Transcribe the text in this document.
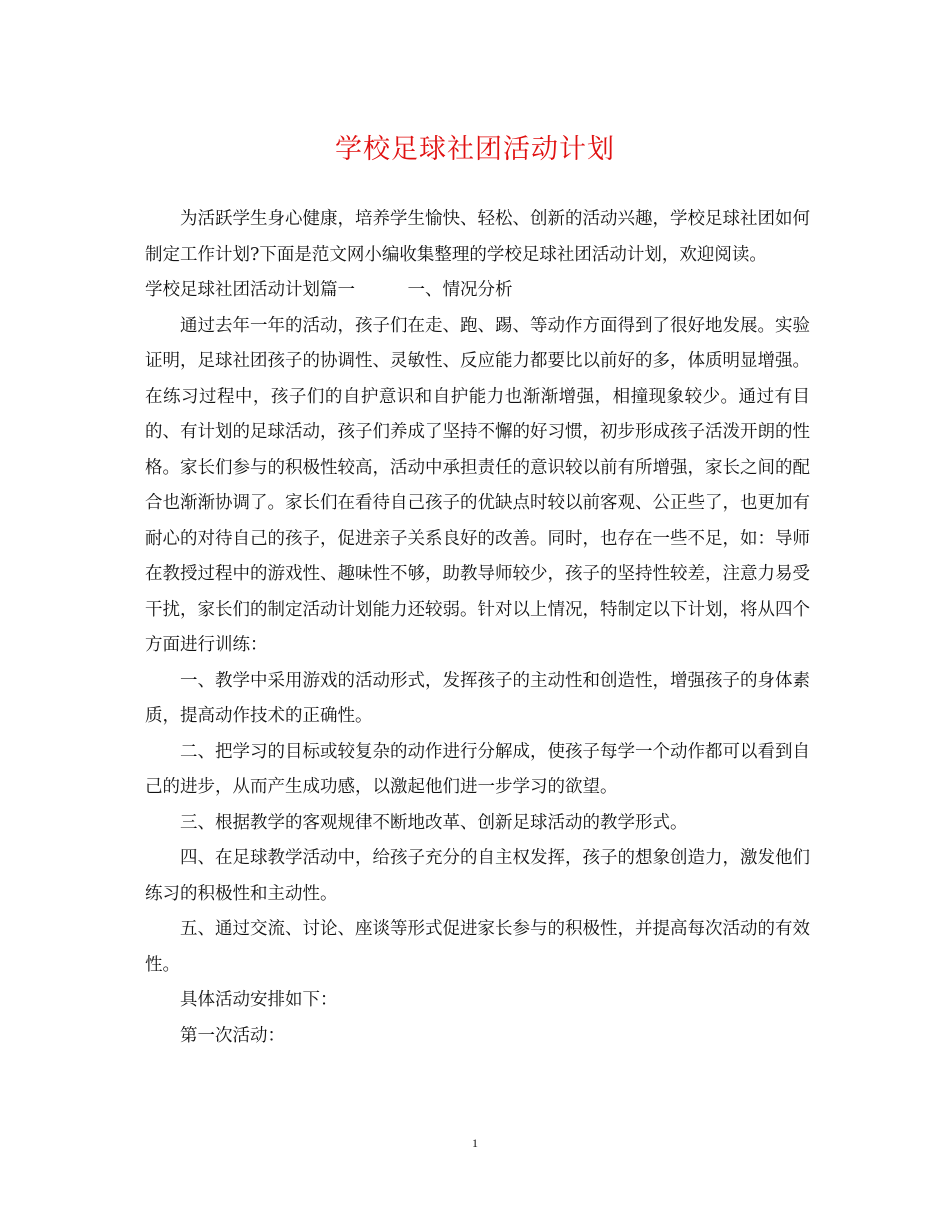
学校足球社团活动计划

为活跃学生身心健康，培养学生愉快、轻松、创新的活动兴趣，学校足球社团如何制定工作计划?下面是范文网小编收集整理的学校足球社团活动计划，欢迎阅读。

学校足球社团活动计划篇一　　　一、情况分析

通过去年一年的活动，孩子们在走、跑、踢、等动作方面得到了很好地发展。实验证明，足球社团孩子的协调性、灵敏性、反应能力都要比以前好的多，体质明显增强。在练习过程中，孩子们的自护意识和自护能力也渐渐增强，相撞现象较少。通过有目的、有计划的足球活动，孩子们养成了坚持不懈的好习惯，初步形成孩子活泼开朗的性格。家长们参与的积极性较高，活动中承担责任的意识较以前有所增强，家长之间的配合也渐渐协调了。家长们在看待自己孩子的优缺点时较以前客观、公正些了，也更加有耐心的对待自己的孩子，促进亲子关系良好的改善。同时，也存在一些不足，如：导师在教授过程中的游戏性、趣味性不够，助教导师较少，孩子的坚持性较差，注意力易受干扰，家长们的制定活动计划能力还较弱。针对以上情况，特制定以下计划，将从四个方面进行训练：

一、教学中采用游戏的活动形式，发挥孩子的主动性和创造性，增强孩子的身体素质，提高动作技术的正确性。

二、把学习的目标或较复杂的动作进行分解成，使孩子每学一个动作都可以看到自己的进步，从而产生成功感，以激起他们进一步学习的欲望。

三、根据教学的客观规律不断地改革、创新足球活动的教学形式。

四、在足球教学活动中，给孩子充分的自主权发挥，孩子的想象创造力，激发他们练习的积极性和主动性。

五、通过交流、讨论、座谈等形式促进家长参与的积极性，并提高每次活动的有效性。

具体活动安排如下：

第一次活动：

1
